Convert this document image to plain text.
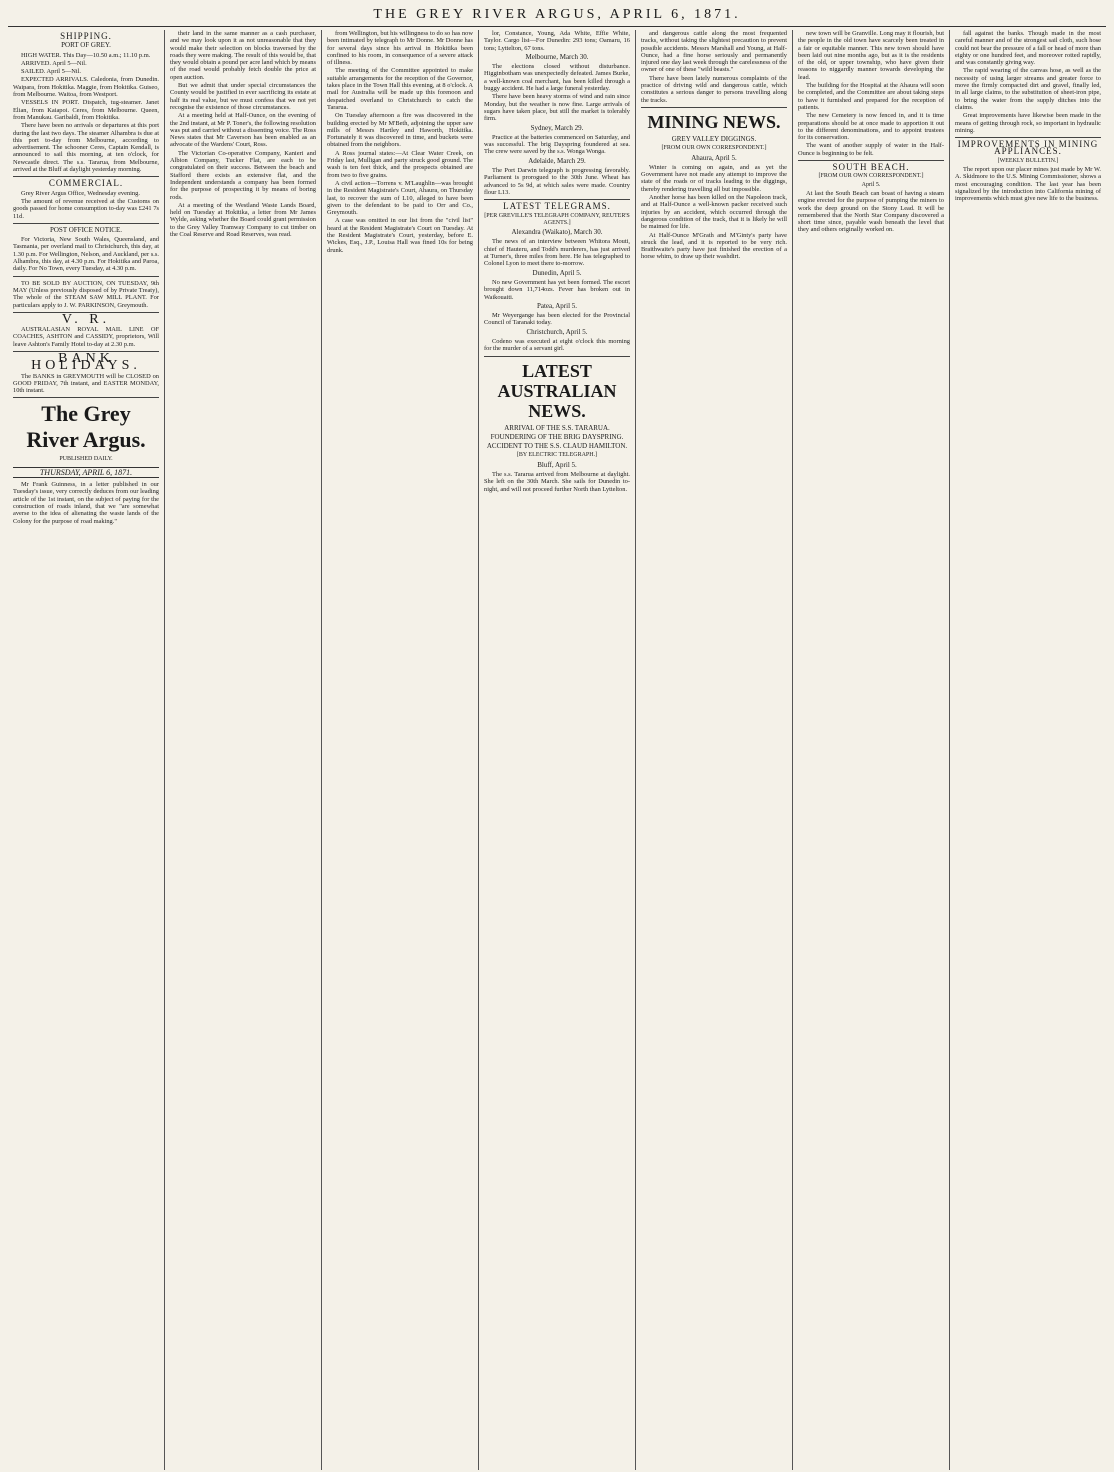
THE GREY RIVER ARGUS, APRIL 6, 1871.
SHIPPING.
PORT OF GREY.

HIGH WATER. This Day—10.50 a.m.; 11.10 p.m.

ARRIVED. April 5—Nil.

SAILED. April 5—Nil.

EXPECTED ARRIVALS. Caledonia, from Dunedin. Waipara, from Hokitika. Maggie, from Hokitika. Guiseo, from Melbourne. Waitoa, from Westport.

VESSELS IN PORT. Dispatch, tug-steamer. Janet Elian, from Kaiapoi. Ceres, from Melbourne. Queen, from Manukau. Garibaldi, from Hokitika.

There have been no arrivals or departures at this port during the last two days. The steamer Alhambra is due at this port to-day from Melbourne, according to advertisement. The schooner Ceres, Captain Kendall, is announced to sail this morning, at ten o'clock, for Newcastle direct. The s.s. Tararua, from Melbourne, arrived at the Bluff at daylight yesterday morning.

COMMERCIAL.

Grey River Argus Office, Wednesday evening.

The amount of revenue received at the Customs on goods passed for home consumption to-day was £241 7s 11d.

POST OFFICE NOTICE.

For Victoria, New South Wales, Queensland, and Tasmania, per overland mail to Christchurch, this day, at 1.30 p.m. For Wellington, Nelson, and Auckland, per s.s. Alhambra, this day, at 4.30 p.m. For Hokitika and Paroa, daily. For No Town, every Tuesday, at 4.30 p.m.

TO BE SOLD BY AUCTION, ON TUESDAY, 9th MAY (Unless previously disposed of by Private Treaty), The whole of the STEAM SAW MILL PLANT. For particulars apply to J. W. PARKINSON, Greymouth.

V. R.

AUSTRALASIAN ROYAL MAIL LINE OF COACHES, ASHTON and CASSIDY, proprietors, Will leave Ashton's Family Hotel to-day at 2.30 p.m.

BANK HOLIDAYS.

The BANKS in GREYMOUTH will be CLOSED on GOOD FRIDAY, 7th instant, and EASTER MONDAY, 10th instant.

The Grey River Argus.
PUBLISHED DAILY.
THURSDAY, APRIL 6, 1871.

Mr Frank Guinness, in a letter published in our Tuesday's issue, very correctly deduces from our leading article of the 1st instant, on the subject of paying for the construction of roads inland, that we "are somewhat averse to the idea of alienating the waste lands of the Colony for the purpose of road making."

their land in the same manner as a cash purchaser, and we may look upon it as not unreasonable that they would make their selection on blocks traversed by the roads they were making. The result of this would be, that they would obtain a pound per acre land which by means of the road would probably fetch double the price at open auction.

But we admit that under special circumstances the County would be justified in ever sacrificing its estate at half its real value, but we must confess that we not yet recognise the existence of those circumstances.

At a meeting held at Half-Ounce, on the evening of the 2nd instant, at Mr P. Toner's, the following resolution was put and carried without a dissenting voice. The Ross News states that Mr Caverson has been enabled as an advocate of the Wardens' Court, Ross.

The Victorian Co-operative Company, Kanieri and Albion Company, Tucker Flat, are each to be congratulated on their success. Between the beach and Stafford there exists an extensive flat, and the Independent understands a company has been formed for the purpose of prospecting it by means of boring rods.

At a meeting of the Westland Waste Lands Board, held on Tuesday at Hokitika, a letter from Mr James Wylde, asking whether the Board could grant permission to the Grey Valley Tramway Company to cut timber on the Coal Reserve and Road Reserves, was read.

from Wellington, but his willingness to do so has now been intimated by telegraph to Mr Donne. Mr Donne has for several days since his arrival in Hokitika been confined to his room, in consequence of a severe attack of illness.

The meeting of the Committee appointed to make suitable arrangements for the reception of the Governor, takes place in the Town Hall this evening, at 8 o'clock. A mail for Australia will be made up this forenoon and despatched overland to Christchurch to catch the Tararua.

On Tuesday afternoon a fire was discovered in the building erected by Mr M'Beth, adjoining the upper saw mills of Messrs Hartley and Haworth, Hokitika. Fortunately it was discovered in time, and buckets were obtained from the neighbors.

A Ross journal states:—At Clear Water Creek, on Friday last, Mulligan and party struck good ground. The wash is ten feet thick, and the prospects obtained are from two to five grains.

A civil action—Torrens v. M'Laughlin—was brought in the Resident Magistrate's Court, Ahaura, on Thursday last, to recover the sum of L10, alleged to have been given to the defendant to be paid to Orr and Co., Greymouth.

A case was omitted in our list from the "civil list" heard at the Resident Magistrate's Court on Tuesday. At the Resident Magistrate's Court, yesterday, before E. Wickes, Esq., J.P., Louisa Hall was fined 10s for being drunk.

lor, Constance, Young, Ada White, Effie White, Taylor. Cargo list—For Dunedin: 293 tons; Oamaru, 16 tons; Lyttelton, 67 tons.

Melbourne, March 30.

The elections closed without disturbance. Higginbotham was unexpectedly defeated. James Burke, a well-known coal merchant, has been killed through a buggy accident. He had a large funeral yesterday.

There have been heavy storms of wind and rain since Monday, but the weather is now fine. Large arrivals of sugars have taken place, but still the market is tolerably firm.

Sydney, March 29.

Practice at the batteries commenced on Saturday, and was successful. The brig Dayspring foundered at sea. The crew were saved by the s.s. Wonga Wonga.

Adelaide, March 29.

The Port Darwin telegraph is progressing favorably. Parliament is prorogued to the 30th June. Wheat has advanced to 5s 9d, at which sales were made. Country flour L13.

LATEST TELEGRAMS.
[PER GREVILLE'S TELEGRAPH COMPANY, REUTER'S AGENTS.]
Alexandra (Waikato), March 30.

The news of an interview between Whitora Mouti, chief of Hauteru, and Todd's murderers, has just arrived at Turner's, three miles from here. He has telegraphed to Colonel Lyon to meet there to-morrow.

Dunedin, April 5.

No new Government has yet been formed. The escort brought down 11,714ozs. Fever has broken out in Waikouaiti.

Patea, April 5.

Mr Weyergange has been elected for the Provincial Council of Taranaki today.

Christchurch, April 5.

Codeno was executed at eight o'clock this morning for the murder of a servant girl.

LATEST AUSTRALIAN NEWS.
ARRIVAL OF THE S.S. TARARUA.
FOUNDERING OF THE BRIG DAYSPRING.
ACCIDENT TO THE S.S. CLAUD HAMILTON.
[BY ELECTRIC TELEGRAPH.]
Bluff, April 5.

The s.s. Tararua arrived from Melbourne at daylight. She left on the 30th March. She sails for Dunedin to-night, and will not proceed further North than Lyttelton.

and dangerous cattle along the most frequented tracks, without taking the slightest precaution to prevent possible accidents. Messrs Marshall and Young, at Half-Ounce, had a fine horse seriously and permanently injured one day last week through the carelessness of the owner of one of these "wild beasts."

There have been lately numerous complaints of the practice of driving wild and dangerous cattle, which constitutes a serious danger to persons travelling along the tracks.

MINING NEWS.
GREY VALLEY DIGGINGS.
[FROM OUR OWN CORRESPONDENT.]
Ahaura, April 5.

Winter is coming on again, and as yet the Government have not made any attempt to improve the state of the roads or of tracks leading to the diggings, thereby rendering travelling all but impossible.

Another horse has been killed on the Napoleon track, and at Half-Ounce a well-known packer received such injuries by an accident, which occurred through the dangerous condition of the track, that it is likely he will be maimed for life.

At Half-Ounce M'Grath and M'Ginty's party have struck the lead, and it is reported to be very rich. Braithwaite's party have just finished the erection of a horse whim, to draw up their washdirt.

new town will be Granville. Long may it flourish, but the people in the old town have scarcely been treated in a fair or equitable manner. This new town should have been laid out nine months ago, but as it is the residents of the old, or upper township, who have given their reasons to niggardly manner towards developing the lead.

The building for the Hospital at the Ahaura will soon be completed, and the Committee are about taking steps to have it furnished and prepared for the reception of patients.

The new Cemetery is now fenced in, and it is time preparations should be at once made to apportion it out to the different denominations, and to appoint trustees for its conservation.

The want of another supply of water in the Half-Ounce is beginning to be felt.

SOUTH BEACH.
[FROM OUR OWN CORRESPONDENT.]
April 5.

At last the South Beach can boast of having a steam engine erected for the purpose of pumping the miners to work the deep ground on the Stony Lead. It will be remembered that the North Star Company discovered a short time since, payable wash beneath the level that they and others originally worked on.

fall against the banks. Though made in the most careful manner and of the strongest sail cloth, such hose could not bear the pressure of a fall or head of more than eighty or one hundred feet, and moreover rotted rapidly, and was constantly giving way.

The rapid wearing of the canvas hose, as well as the necessity of using larger streams and greater force to move the firmly compacted dirt and gravel, finally led, in all large claims, to the substitution of sheet-iron pipe, to bring the water from the supply ditches into the claims.

Great improvements have likewise been made in the means of getting through rock, so important in hydraulic mining.

IMPROVEMENTS IN MINING APPLIANCES.
[WEEKLY BULLETIN.]

The report upon our placer mines just made by Mr W. A. Skidmore to the U.S. Mining Commissioner, shows a most encouraging condition. The last year has been signalized by the introduction into California mining of improvements which must give new life to the business.
